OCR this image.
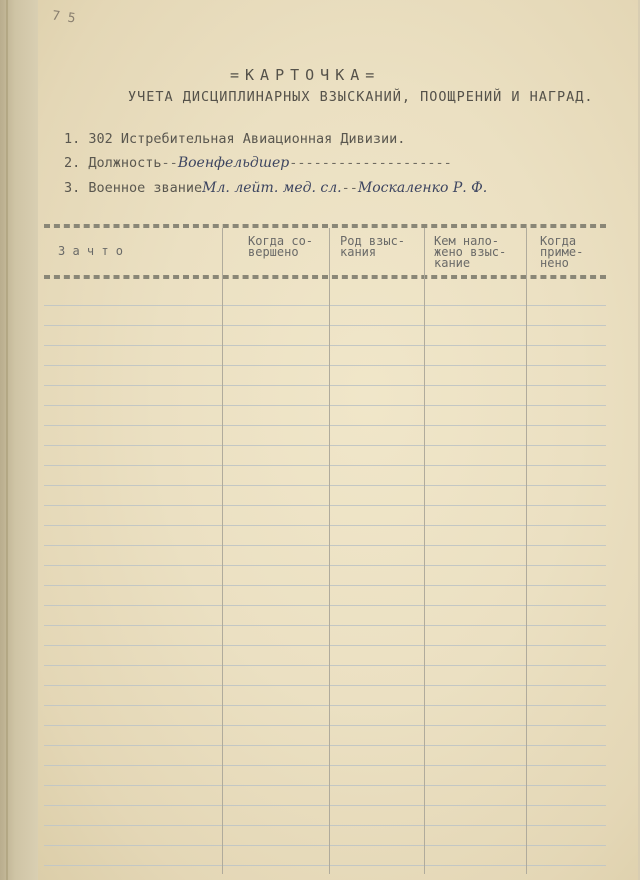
7 5
=КАРТОЧКА=
УЧЕТА ДИСЦИПЛИНАРНЫХ ВЗЫСКАНИЙ, ПООЩРЕНИЙ И НАГРАД.
1. 302 Истребительная Авиационная Дивизии.
2. Должность--Военфельдшер--------------------
3. Военное званиеМл. лейт. мед. сл.--Москаленко Р. Ф.
З а ч т о
Когда со-
вершено
Род взыс-
кания
Кем нало-
жено взыс-
кание
Когда
приме-
нено
